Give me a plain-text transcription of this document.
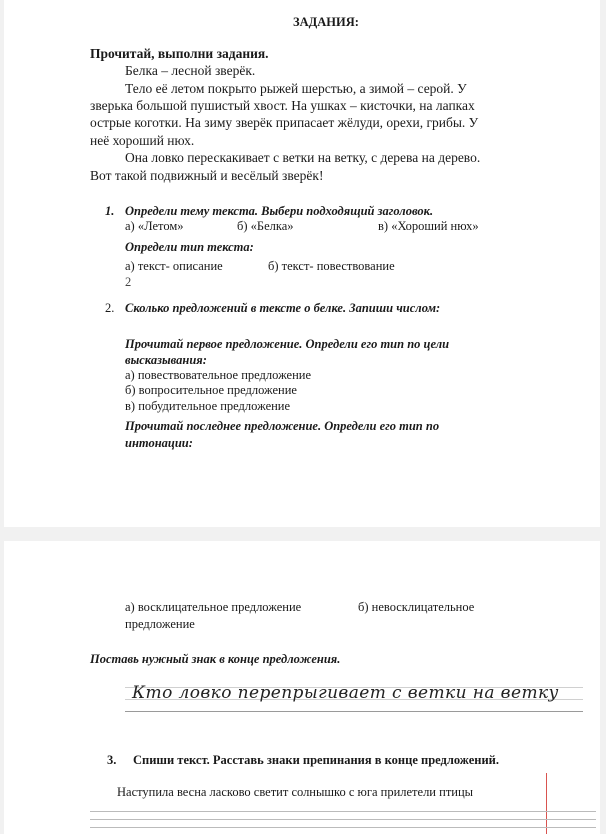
ЗАДАНИЯ:
Прочитай, выполни задания.
Белка – лесной зверёк.
Тело её летом покрыто рыжей шерстью, а зимой – серой. У
зверька большой пушистый хвост. На ушках – кисточки, на лапках
острые коготки. На зиму зверёк припасает жёлуди, орехи, грибы. У
неё хороший нюх.
Она ловко перескакивает с ветки на ветку, с дерева на дерево.
Вот такой подвижный и весёлый зверёк!
1. Определи тему текста. Выбери подходящий заголовок.
а) «Летом»	б) «Белка»	в) «Хороший нюх»
Определи тип текста:
а) текст- описание	б) текст- повествование
2
2. Сколько предложений в тексте о белке. Запиши числом:
Прочитай первое предложение. Определи его тип по цели
высказывания:
а) повествовательное предложение
б) вопросительное предложение
в) побудительное предложение
Прочитай последнее предложение. Определи его тип по
интонации:
а) восклицательное предложение	б) невосклицательное
предложение
Поставь нужный знак в конце предложения.
Кто ловко перепрыгивает с ветки на ветку
3. Спиши текст. Расставь знаки препинания в конце предложений.
Наступила весна ласково светит солнышко с юга прилетели птицы
